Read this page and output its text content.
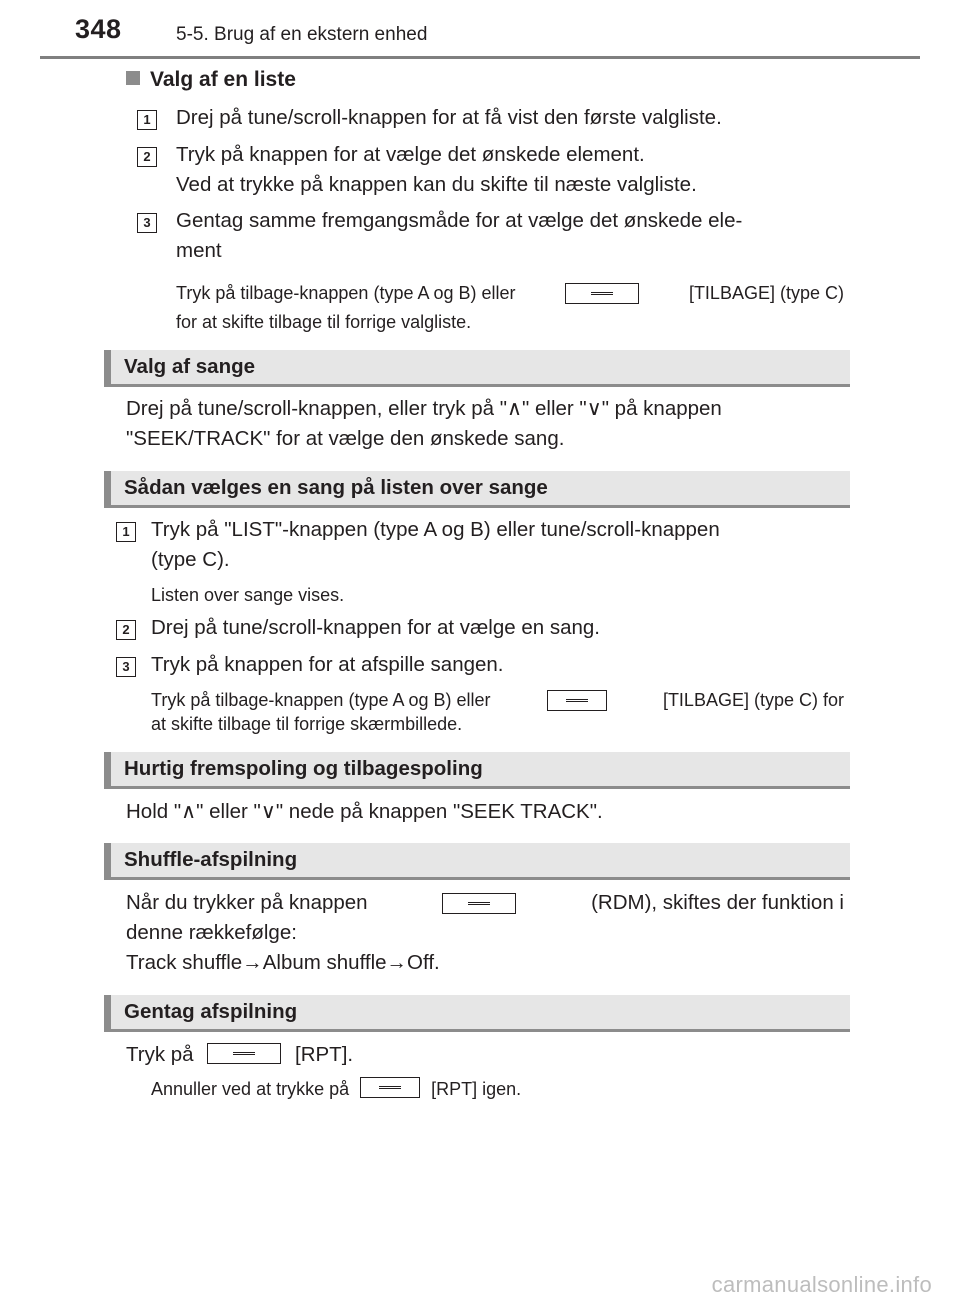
348	5-5. Brug af en ekstern enhed
Valg af en liste
1	Drej på tune/scroll-knappen for at få vist den første valgliste.
2	Tryk på knappen for at vælge det ønskede element.
Ved at trykke på knappen kan du skifte til næste valgliste.
3	Gentag samme fremgangsmåde for at vælge det ønskede ele-
ment
Tryk på tilbage-knappen (type A og B) eller	[TILBAGE] (type C)
for at skifte tilbage til forrige valgliste.
Valg af sange
Drej på tune/scroll-knappen, eller tryk på "∧" eller "∨" på knappen
"SEEK/TRACK" for at vælge den ønskede sang.
Sådan vælges en sang på listen over sange
1	Tryk på "LIST"-knappen (type A og B) eller tune/scroll-knappen
(type C).
Listen over sange vises.
2	Drej på tune/scroll-knappen for at vælge en sang.
3	Tryk på knappen for at afspille sangen.
Tryk på tilbage-knappen (type A og B) eller	[TILBAGE] (type C) for
at skifte tilbage til forrige skærmbillede.
Hurtig fremspoling og tilbagespoling
Hold "∧" eller "∨" nede på knappen "SEEK TRACK".
Shuffle-afspilning
Når du trykker på knappen	(RDM), skiftes der funktion i
denne rækkefølge:
Track shuffle→Album shuffle→Off.
Gentag afspilning
Tryk på	[RPT].
Annuller ved at trykke på	[RPT] igen.
carmanualsonline.info
